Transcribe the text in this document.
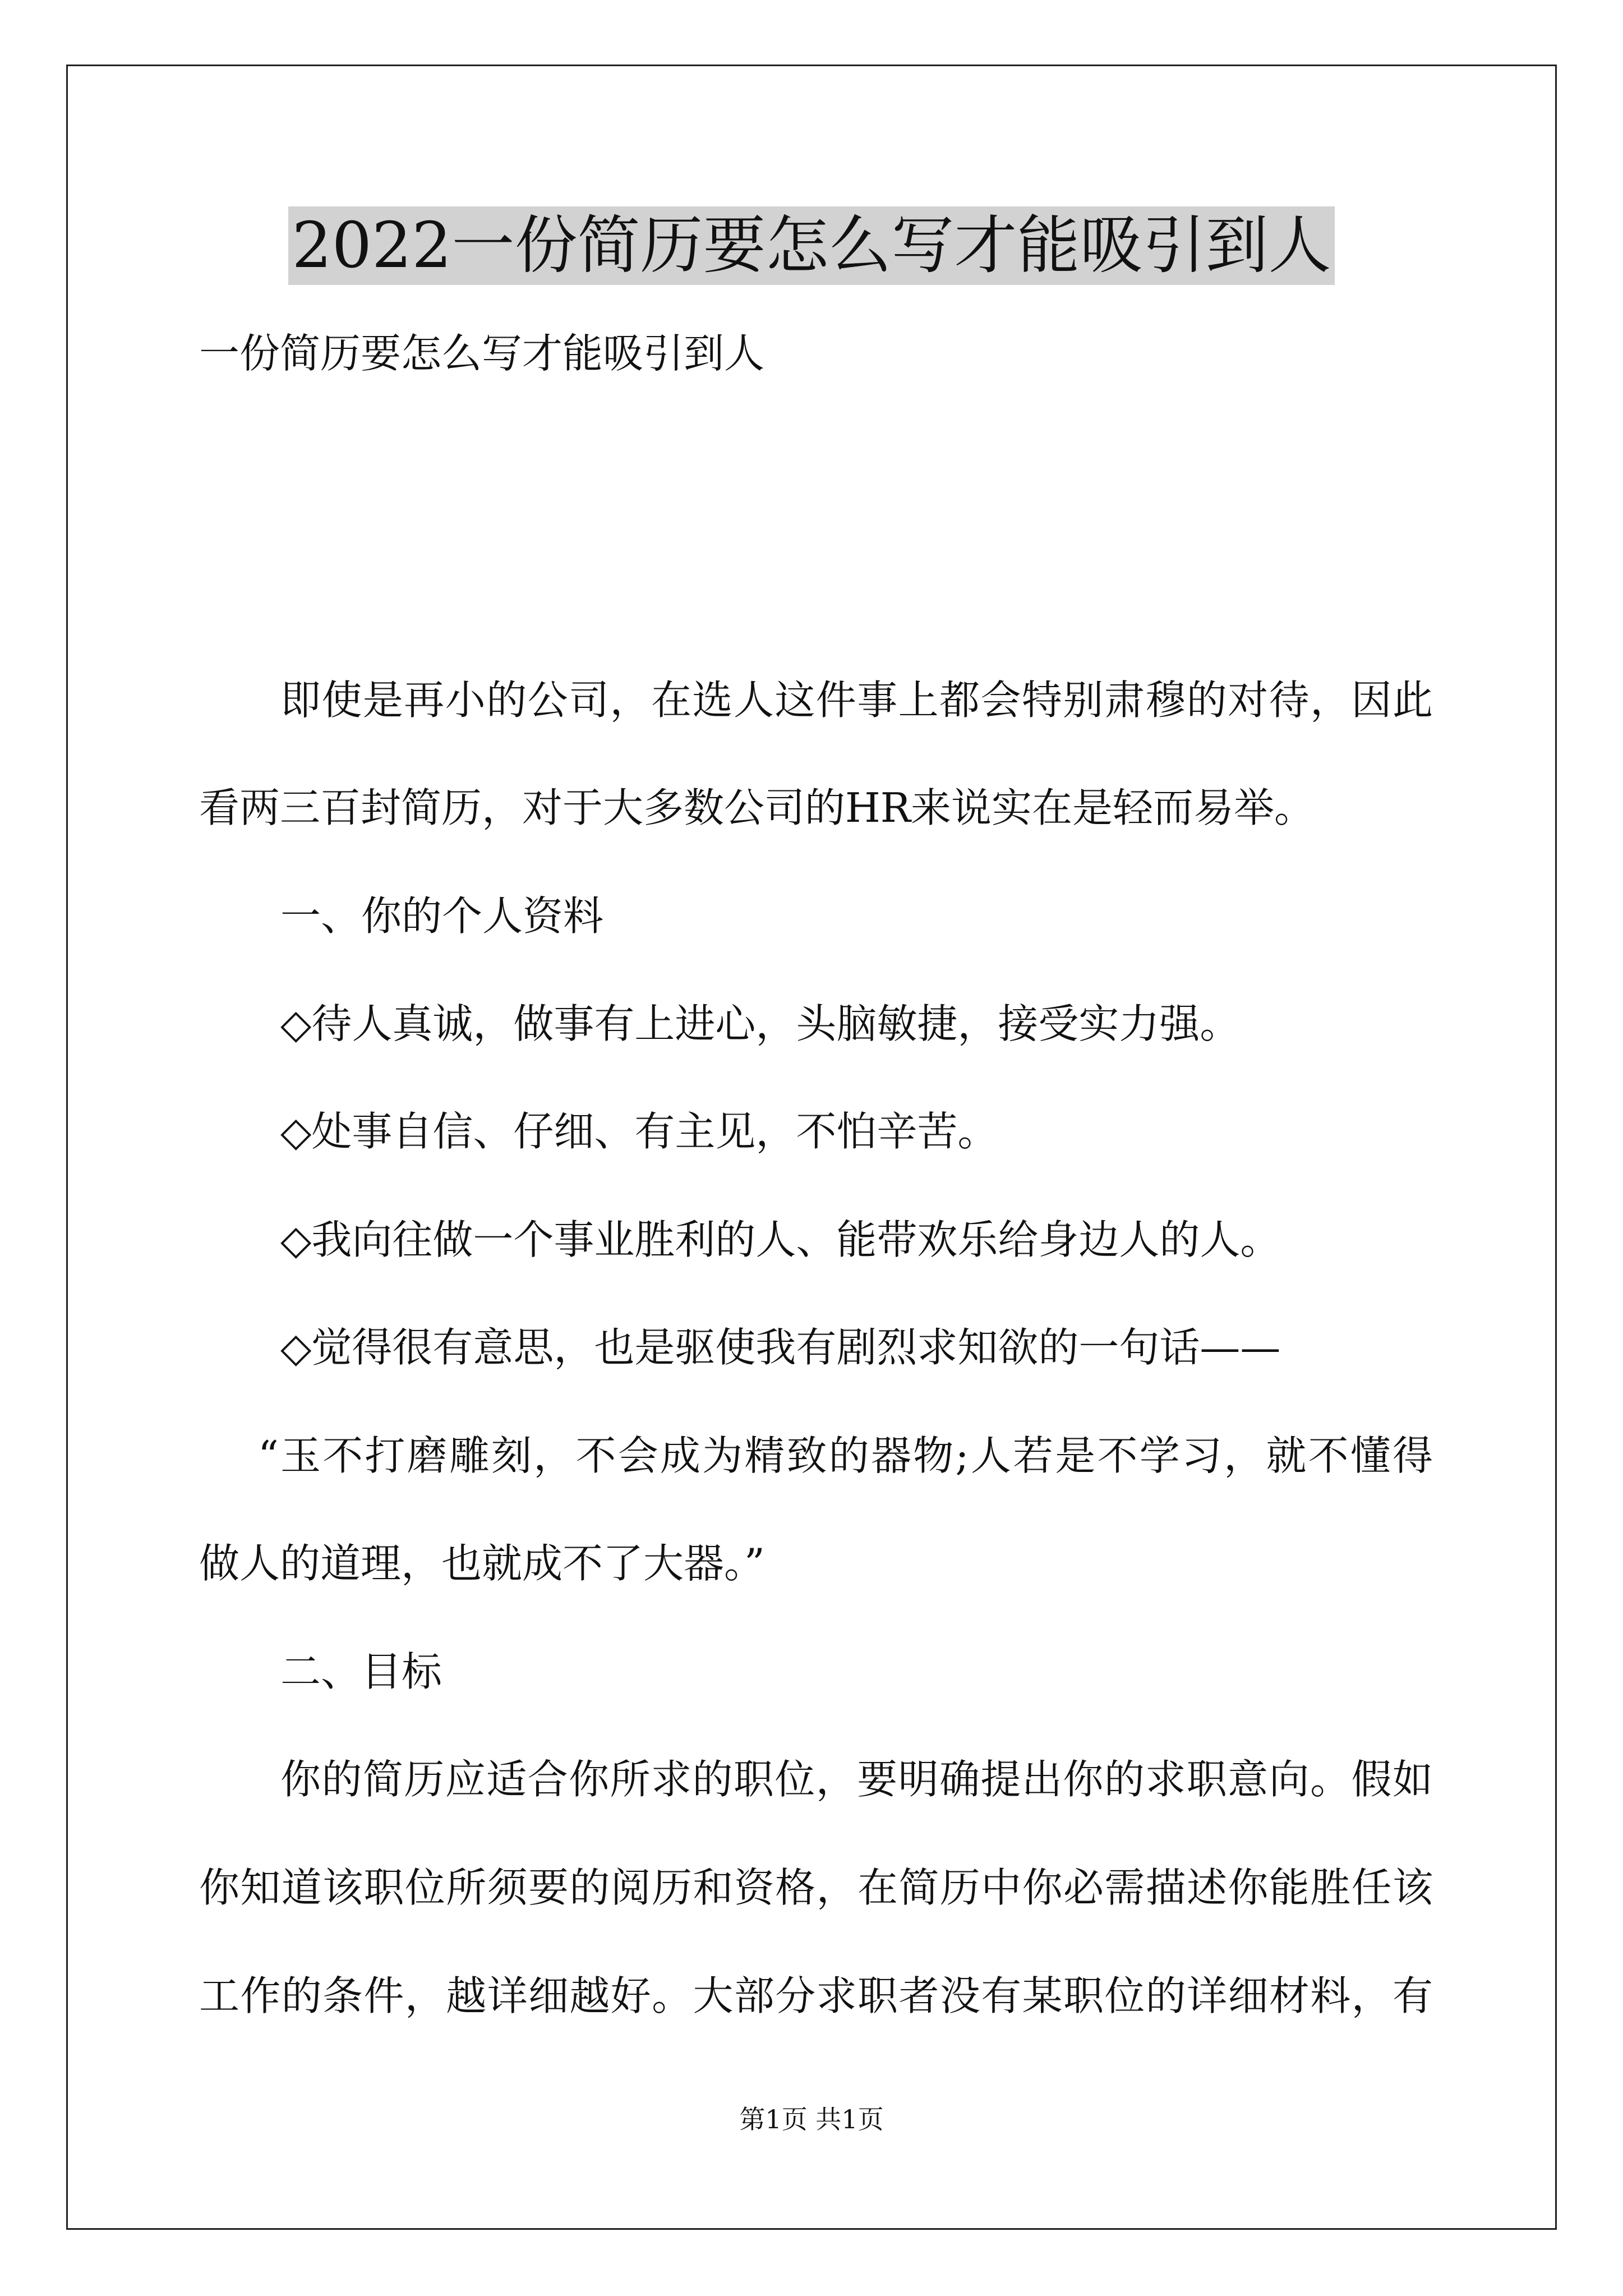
2022一份简历要怎么写才能吸引到人
一份简历要怎么写才能吸引到人
即使是再小的公司，在选人这件事上都会特别肃穆的对待，因此
看两三百封简历，对于大多数公司的HR来说实在是轻而易举。
一、你的个人资料
◇待人真诚，做事有上进心，头脑敏捷，接受实力强。
◇处事自信、仔细、有主见，不怕辛苦。
◇我向往做一个事业胜利的人、能带欢乐给身边人的人。
◇觉得很有意思，也是驱使我有剧烈求知欲的一句话——
“玉不打磨雕刻，不会成为精致的器物;人若是不学习，就不懂得
做人的道理，也就成不了大器。”
二、目标
你的简历应适合你所求的职位，要明确提出你的求职意向。假如
你知道该职位所须要的阅历和资格，在简历中你必需描述你能胜任该
工作的条件，越详细越好。大部分求职者没有某职位的详细材料，有
第1页 共1页
